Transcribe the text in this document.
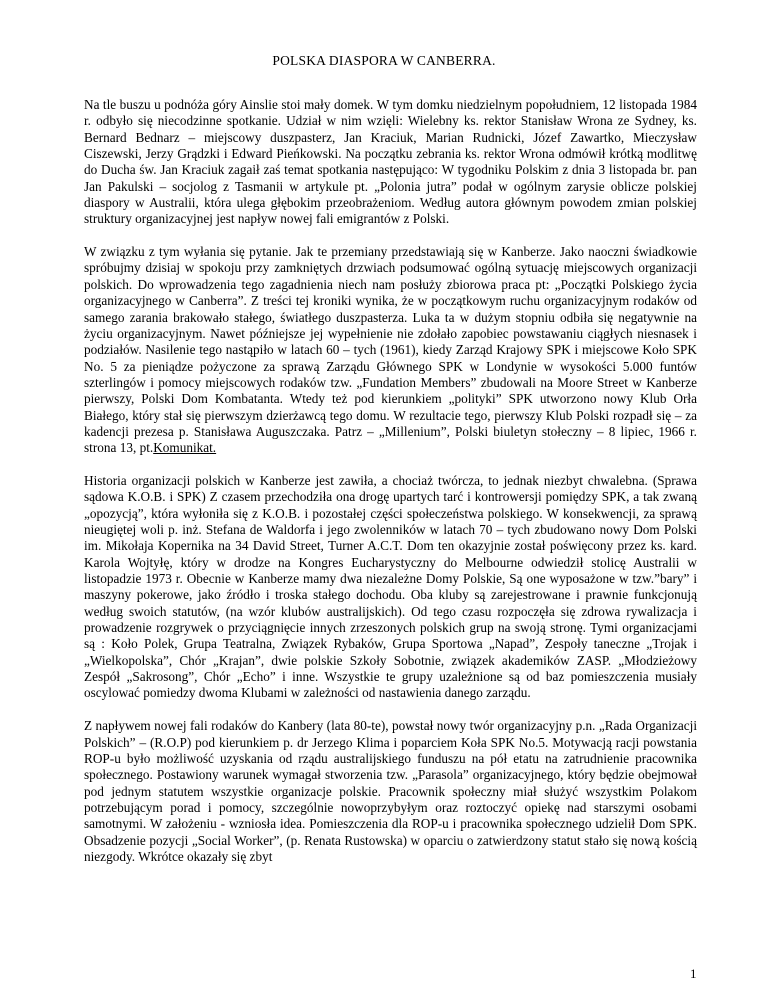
POLSKA DIASPORA W CANBERRA.

Na tle buszu u podnóża góry Ainslie stoi mały domek. W tym domku niedzielnym popołudniem, 12 listopada 1984 r. odbyło się niecodzinne spotkanie. Udział w nim wzięli: Wielebny ks. rektor Stanisław Wrona ze Sydney, ks. Bernard Bednarz – miejscowy duszpasterz, Jan Kraciuk, Marian Rudnicki, Józef Zawartko, Mieczysław Ciszewski, Jerzy Grądzki i Edward Pieńkowski. Na początku zebrania ks. rektor Wrona odmówił krótką modlitwę do Ducha św. Jan Kraciuk zagaił zaś temat spotkania następująco: W tygodniku Polskim z dnia 3 listopada br. pan Jan Pakulski – socjolog z Tasmanii w artykule pt. „Polonia jutra” podał w ogólnym zarysie oblicze polskiej diaspory w Australii, która ulega głębokim przeobrażeniom. Według autora głównym powodem zmian polskiej struktury organizacyjnej jest napływ nowej fali emigrantów z Polski.

W związku z tym wyłania się pytanie. Jak te przemiany przedstawiają się w Kanberze. Jako naoczni świadkowie spróbujmy dzisiaj w spokoju przy zamkniętych drzwiach podsumować ogólną sytuację miejscowych organizacji polskich. Do wprowadzenia tego zagadnienia niech nam posłuży zbiorowa praca pt: „Początki Polskiego życia organizacyjnego w Canberra”. Z treści tej kroniki wynika, że w początkowym ruchu organizacyjnym rodaków od samego zarania brakowało stałego, światłego duszpasterza. Luka ta w dużym stopniu odbiła się negatywnie na życiu organizacyjnym. Nawet późniejsze jej wypełnienie nie zdołało zapobiec powstawaniu ciągłych niesnasek i podziałów. Nasilenie tego nastąpiło w latach 60 – tych (1961), kiedy Zarząd Krajowy SPK i miejscowe Koło SPK No. 5 za pieniądze pożyczone za sprawą Zarządu Głównego SPK w Londynie w wysokości 5.000 funtów szterlingów i pomocy miejscowych rodaków tzw. „Fundation Members” zbudowali na Moore Street w Kanberze pierwszy, Polski Dom Kombatanta. Wtedy też pod kierunkiem „polityki” SPK utworzono nowy Klub Orła Białego, który stał się pierwszym dzierżawcą tego domu. W rezultacie tego, pierwszy Klub Polski rozpadł się – za kadencji prezesa p. Stanisława Auguszczaka. Patrz – „Millenium”, Polski biuletyn stołeczny – 8 lipiec, 1966 r. strona 13, pt.Komunikat.

Historia organizacji polskich w Kanberze jest zawiła, a chociaż twórcza, to jednak niezbyt chwalebna. (Sprawa sądowa K.O.B. i SPK) Z czasem przechodziła ona drogę upartych tarć i kontrowersji pomiędzy SPK, a tak zwaną „opozycją”, która wyłoniła się z K.O.B. i pozostałej części społeczeństwa polskiego. W konsekwencji, za sprawą nieugiętej woli p. inż. Stefana de Waldorfa i jego zwolenników w latach 70 – tych zbudowano nowy Dom Polski im. Mikołaja Kopernika na 34 David Street, Turner A.C.T. Dom ten okazyjnie został poświęcony przez ks. kard. Karola Wojtyłę, który w drodze na Kongres Eucharystyczny do Melbourne odwiedził stolicę Australii w listopadzie 1973 r. Obecnie w Kanberze mamy dwa niezależne Domy Polskie, Są one wyposażone w tzw.”bary” i maszyny pokerowe, jako źródło i troska stałego dochodu. Oba kluby są zarejestrowane i prawnie funkcjonują według swoich statutów, (na wzór klubów australijskich). Od tego czasu rozpoczęła się zdrowa rywalizacja i prowadzenie rozgrywek o przyciągnięcie innych zrzeszonych polskich grup na swoją stronę. Tymi organizacjami są : Koło Polek, Grupa Teatralna, Związek Rybaków, Grupa Sportowa „Napad”, Zespoły taneczne „Trojak i „Wielkopolska”, Chór „Krajan”, dwie polskie Szkoły Sobotnie, związek akademików ZASP. „Młodzieżowy Zespół „Sakrosong”, Chór „Echo” i inne. Wszystkie te grupy uzależnione są od baz pomieszczenia musiały oscylować pomiedzy dwoma Klubami w zależności od nastawienia danego zarządu.

Z napływem nowej fali rodaków do Kanbery (lata 80-te), powstał nowy twór organizacyjny p.n. „Rada Organizacji Polskich” – (R.O.P) pod kierunkiem p. dr Jerzego Klima i poparciem Koła SPK No.5. Motywacją racji powstania ROP-u było możliwość uzyskania od rządu australijskiego funduszu na pół etatu na zatrudnienie pracownika społecznego. Postawiony warunek wymagał stworzenia tzw. „Parasola” organizacyjnego, który będzie obejmował pod jednym statutem wszystkie organizacje polskie. Pracownik społeczny miał służyć wszystkim Polakom potrzebującym porad i pomocy, szczególnie nowoprzybyłym oraz roztoczyć opiekę nad starszymi osobami samotnymi. W założeniu - wzniosła idea. Pomieszczenia dla ROP-u i pracownika społecznego udzielił Dom SPK. Obsadzenie pozycji „Social Worker”, (p. Renata Rustowska) w oparciu o zatwierdzony statut stało się nową kością niezgody. Wkrótce okazały się zbyt

1
